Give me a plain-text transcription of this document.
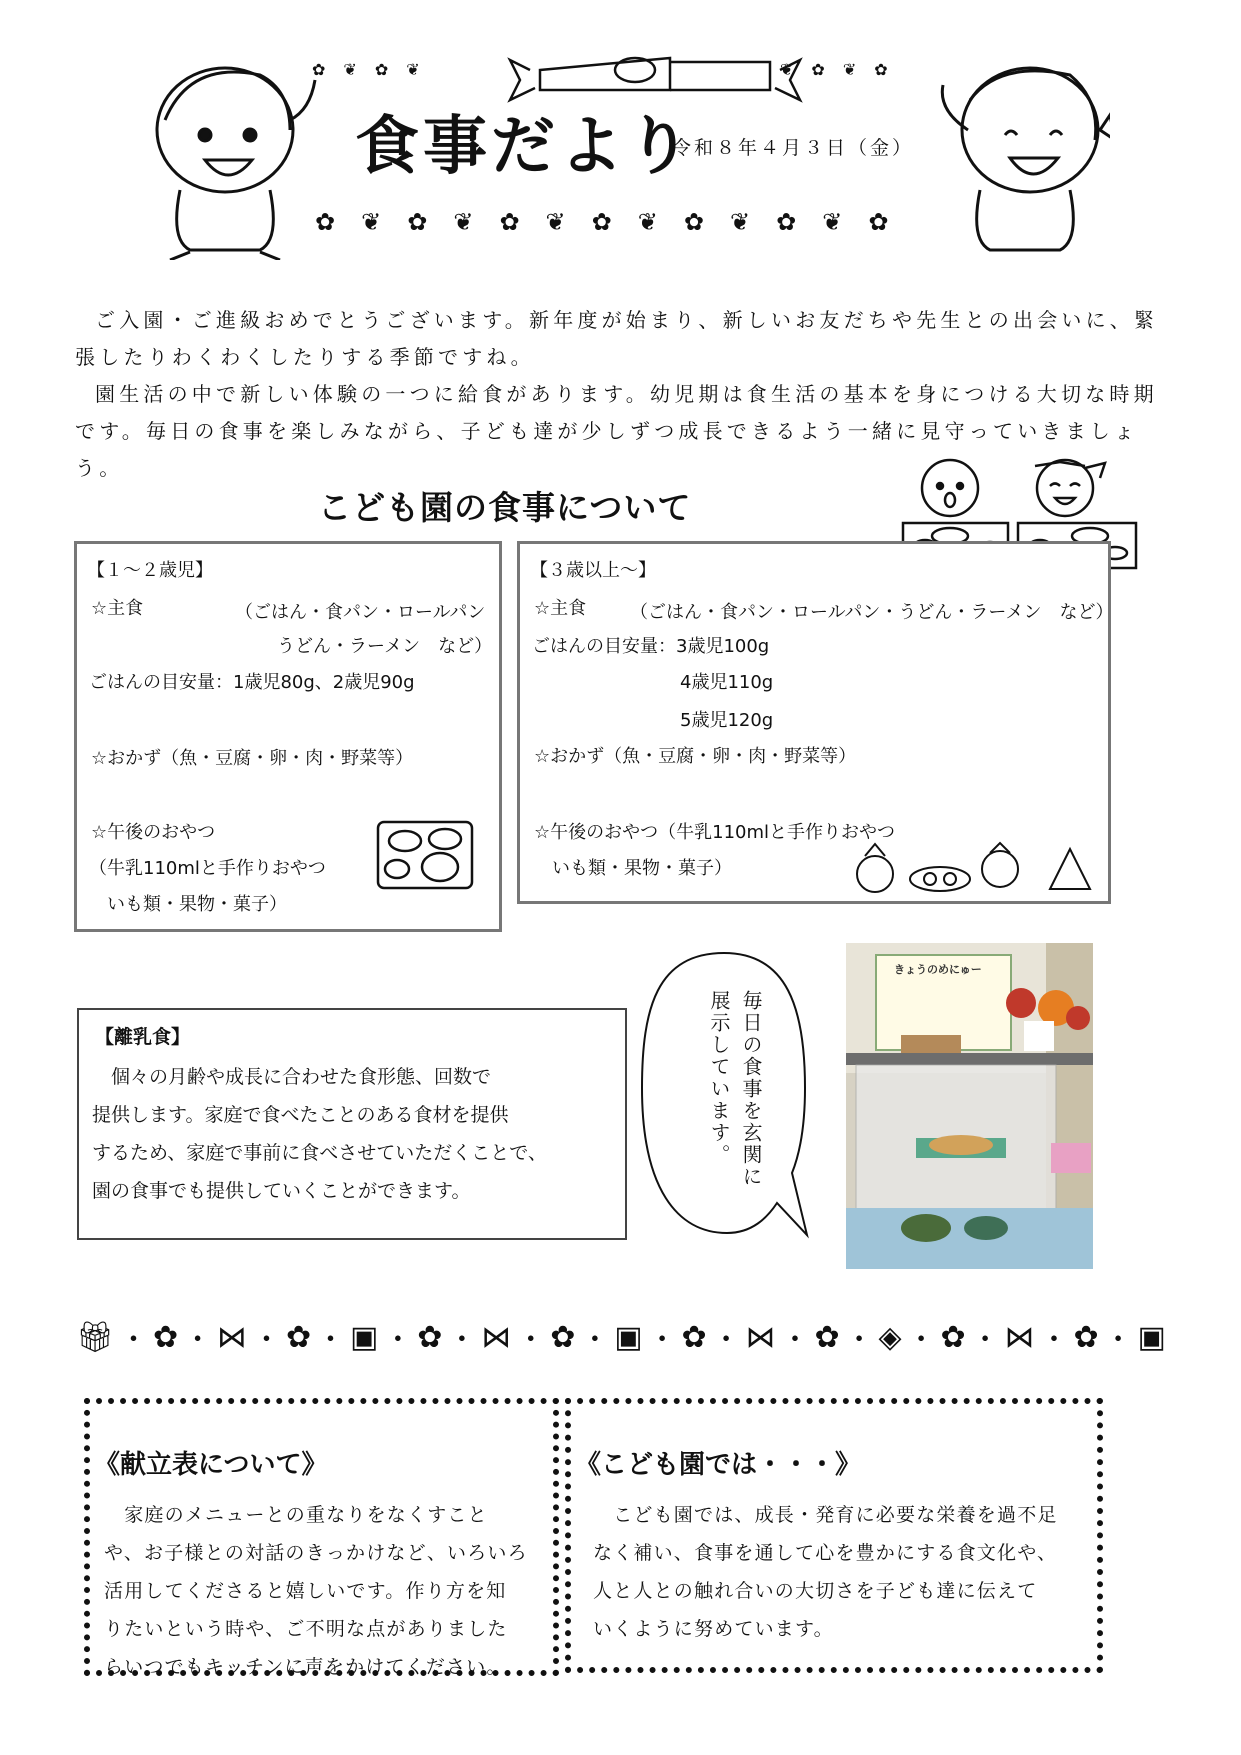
✿ ❦ ✿ ❦	❦ ✿ ❦ ✿
✿ ❦ ✿ ❦ ✿ ❦ ✿ ❦ ✿ ❦ ✿ ❦ ✿
食事だより
令和８年４月３日（金）

ご入園・ご進級おめでとうございます。新年度が始まり、新しいお友だちや先生との出会いに、緊張したりわくわくしたりする季節ですね。

園生活の中で新しい体験の一つに給食があります。幼児期は食生活の基本を身につける大切な時期です。毎日の食事を楽しみながら、子ども達が少しずつ成長できるよう一緒に見守っていきましょう。

こども園の食事について
【１～２歳児】
☆主食	（ごはん・食パン・ロールパン
うどん・ラーメン　など）
ごはんの目安量：1歳児80g、2歳児90g
☆おかず（魚・豆腐・卵・肉・野菜等）
☆午後のおやつ
（牛乳110mlと手作りおやつ
いも類・果物・菓子）
【３歳以上～】
☆主食 （ごはん・食パン・ロールパン・うどん・ラーメン　など）
ごはんの目安量：3歳児100g
4歳児110g
5歳児120g
☆おかず（魚・豆腐・卵・肉・野菜等）
☆午後のおやつ（牛乳110mlと手作りおやつ
いも類・果物・菓子）
【離乳食】
　個々の月齢や成長に合わせた食形態、回数で
提供します。家庭で食べたことのある食材を提供
するため、家庭で事前に食べさせていただくことで、
園の食事でも提供していくことができます。
毎日の食事を玄関に
展示しています。
きょうのめにゅー
🎁︎ ・ ✿ ・ ⋈ ・ ✿ ・ ▣ ・ ✿ ・ ⋈ ・ ✿ ・ ▣ ・ ✿ ・ ⋈ ・ ✿ ・ ◈ ・ ✿ ・ ⋈ ・ ✿ ・ ▣
《献立表について》
　家庭のメニューとの重なりをなくすこと
や、お子様との対話のきっかけなど、いろいろ
活用してくださると嬉しいです。作り方を知
りたいという時や、ご不明な点がありました
らいつでもキッチンに声をかけてください。
《こども園では・・・》
　こども園では、成長・発育に必要な栄養を過不足
なく補い、食事を通して心を豊かにする食文化や、
人と人との触れ合いの大切さを子ども達に伝えて
いくように努めています。
